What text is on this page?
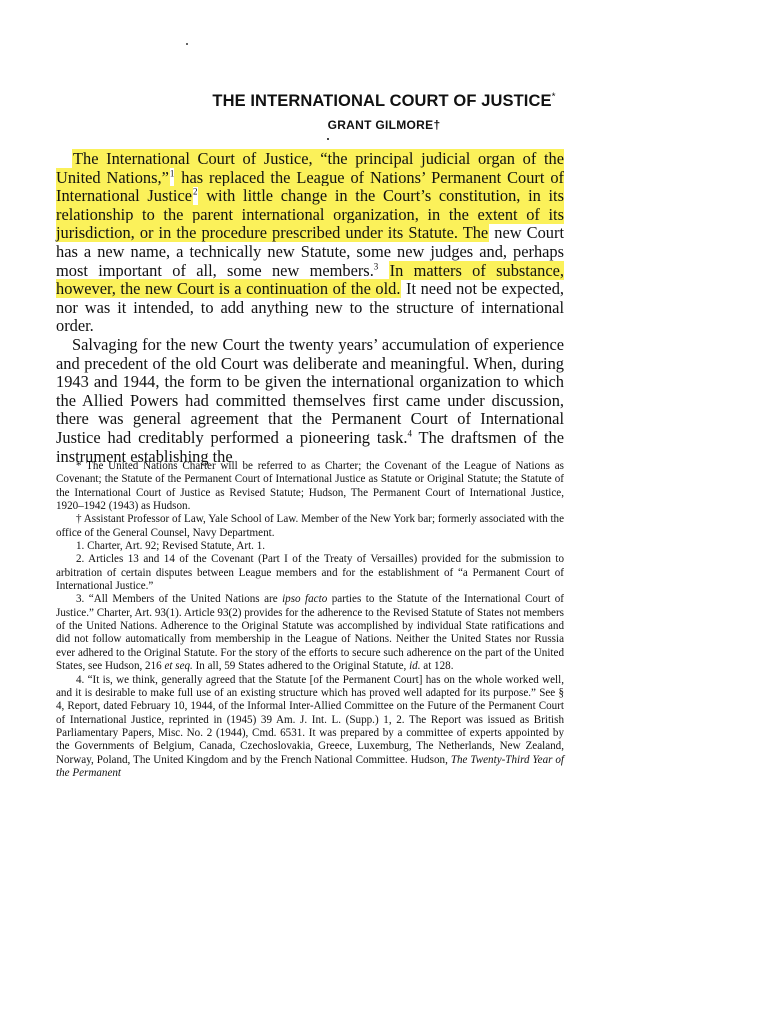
THE INTERNATIONAL COURT OF JUSTICE*
GRANT GILMORE†

The International Court of Justice, “the principal judicial organ of the United Nations,”$^1$ has replaced the League of Nations’ Permanent Court of International Justice$^2$ with little change in the Court’s constitution, in its relationship to the parent international organization, in the extent of its jurisdiction, or in the procedure prescribed under its Statute. The new Court has a new name, a technically new Statute, some new judges and, perhaps most important of all, some new members.$^3$ In matters of substance, however, the new Court is a continuation of the old. It need not be expected, nor was it intended, to add anything new to the structure of international order.

Salvaging for the new Court the twenty years’ accumulation of experience and precedent of the old Court was deliberate and meaningful. When, during 1943 and 1944, the form to be given the international organization to which the Allied Powers had committed themselves first came under discussion, there was general agreement that the Permanent Court of International Justice had creditably performed a pioneering task.$^4$ The draftsmen of the instrument establishing the

* The United Nations Charter will be referred to as Charter; the Covenant of the League of Nations as Covenant; the Statute of the Permanent Court of International Justice as Statute or Original Statute; the Statute of the International Court of Justice as Revised Statute; Hudson, The Permanent Court of International Justice, 1920–1942 (1943) as Hudson.

† Assistant Professor of Law, Yale School of Law. Member of the New York bar; formerly associated with the office of the General Counsel, Navy Department.

1. Charter, Art. 92; Revised Statute, Art. 1.

2. Articles 13 and 14 of the Covenant (Part I of the Treaty of Versailles) provided for the submission to arbitration of certain disputes between League members and for the establishment of “a Permanent Court of International Justice.”

3. “All Members of the United Nations are ipso facto parties to the Statute of the International Court of Justice.” Charter, Art. 93(1). Article 93(2) provides for the adherence to the Revised Statute of States not members of the United Nations. Adherence to the Original Statute was accomplished by individual State ratifications and did not follow automatically from membership in the League of Nations. Neither the United States nor Russia ever adhered to the Original Statute. For the story of the efforts to secure such adherence on the part of the United States, see Hudson, 216 et seq. In all, 59 States adhered to the Original Statute, id. at 128.

4. “It is, we think, generally agreed that the Statute [of the Permanent Court] has on the whole worked well, and it is desirable to make full use of an existing structure which has proved well adapted for its purpose.” See § 4, Report, dated February 10, 1944, of the Informal Inter-Allied Committee on the Future of the Permanent Court of International Justice, reprinted in (1945) 39 Am. J. Int. L. (Supp.) 1, 2. The Report was issued as British Parliamentary Papers, Misc. No. 2 (1944), Cmd. 6531. It was prepared by a committee of experts appointed by the Governments of Belgium, Canada, Czechoslovakia, Greece, Luxemburg, The Netherlands, New Zealand, Norway, Poland, The United Kingdom and by the French National Committee. Hudson, The Twenty-Third Year of the Permanent
